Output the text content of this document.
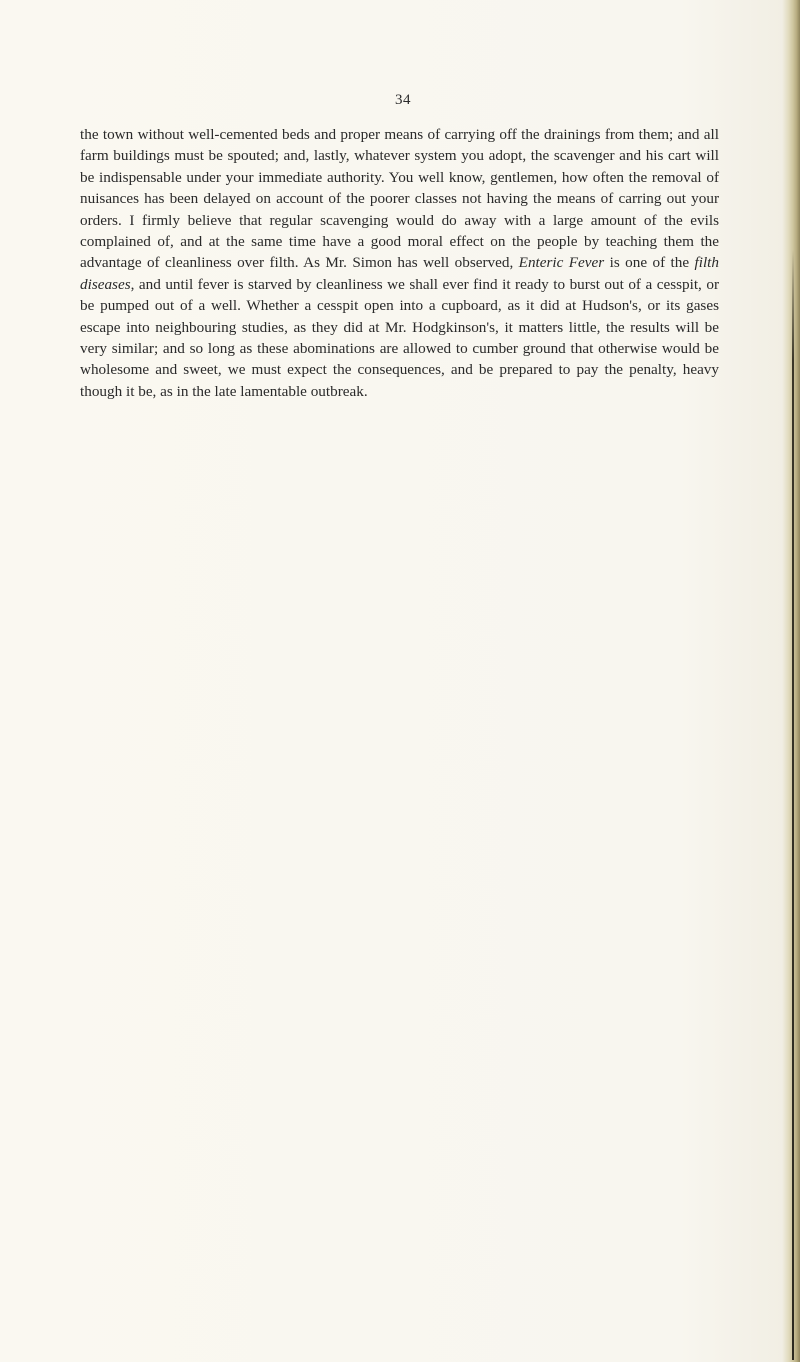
34

the town without well-cemented beds and proper means of carrying off the drainings from them; and all farm buildings must be spouted; and, lastly, whatever system you adopt, the scavenger and his cart will be indispensable under your immediate authority. You well know, gentlemen, how often the removal of nuisances has been delayed on account of the poorer classes not having the means of carring out your orders. I firmly believe that regular scavenging would do away with a large amount of the evils complained of, and at the same time have a good moral effect on the people by teaching them the advantage of cleanliness over filth. As Mr. Simon has well observed, Enteric Fever is one of the filth diseases, and until fever is starved by cleanliness we shall ever find it ready to burst out of a cesspit, or be pumped out of a well. Whether a cesspit open into a cupboard, as it did at Hudson's, or its gases escape into neighbouring studies, as they did at Mr. Hodgkinson's, it matters little, the results will be very similar; and so long as these abominations are allowed to cumber ground that otherwise would be wholesome and sweet, we must expect the consequences, and be prepared to pay the penalty, heavy though it be, as in the late lamentable outbreak.
